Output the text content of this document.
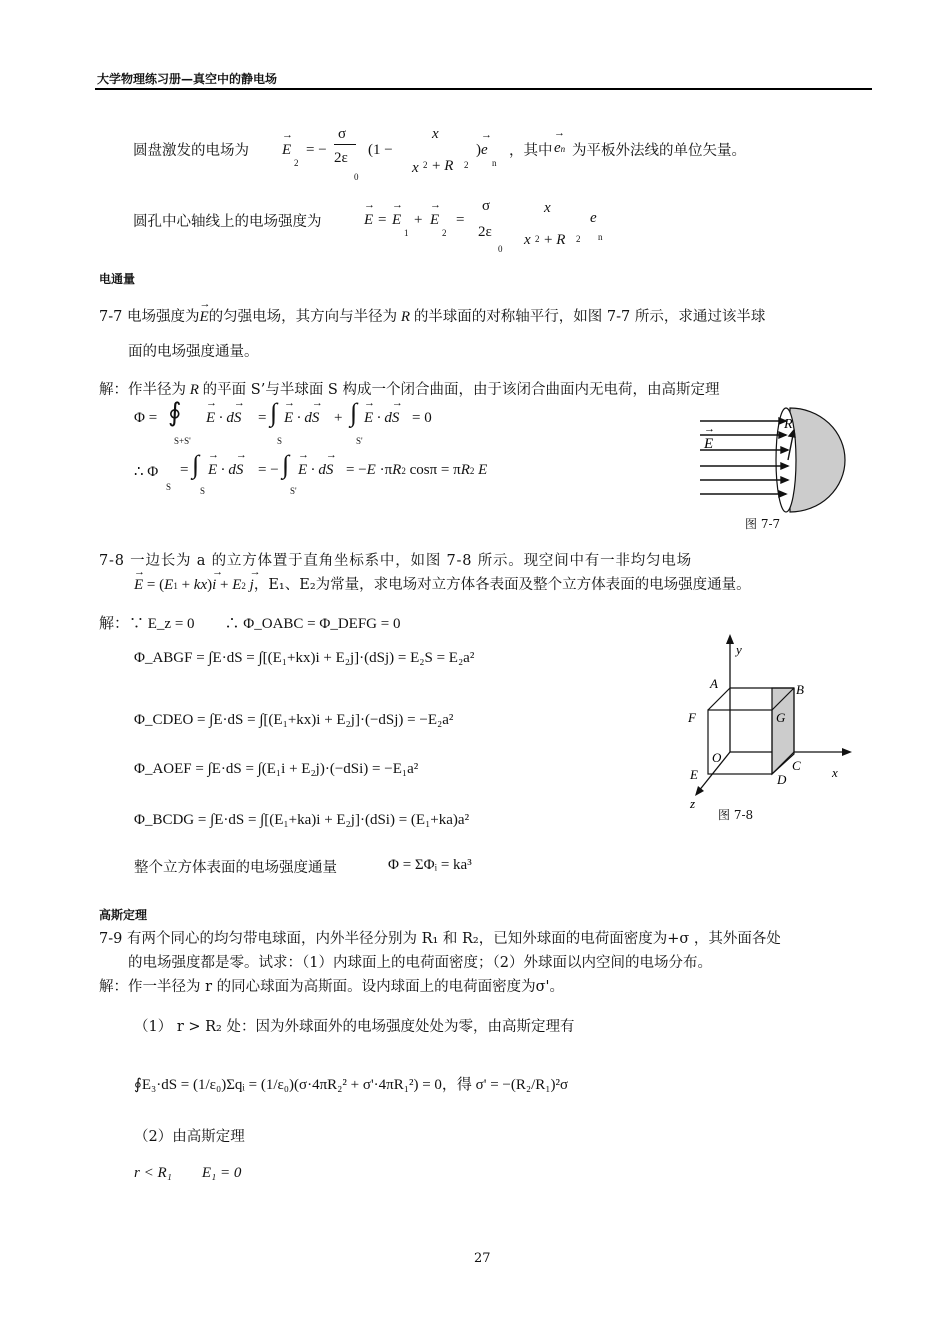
大学物理练习册—真空中的静电场
圆盘激发的电场为 → E
2
= −
σ
2ε
0
(1 −
x
x 2 + R 2
)→ e
n
，其中 → en 为平板外法线的单位矢量。
圆孔中心轴线上的电场强度为	→ E = → E
1
+ → E
2
=
σ
2ε
0
x
x 2 + R 2
e
n
电通量
7-7 电场强度为→ E的匀强电场，其方向与半径为 R 的半球面的对称轴平行，如图 7-7 所示，求通过该半球
面的电场强度通量。
解：作半径为 R 的平面 S’与半球面 S 构成一个闭合曲面，由于该闭合曲面内无电荷，由高斯定理
Φ = ∮
S+S'
→ E · d→ S = ∫
S
→ E · d→ S + ∫
S'
→ E · d→ S = 0
∴ Φ
S
= ∫
S
→ E · d→ S = − ∫
S'
→ E · d→ S = −E ·πR2 cosπ = πR2 E
E
→	R
图 7-7
7-8 一边长为 a 的立方体置于直角坐标系中，如图 7-8 所示。现空间中有一非均匀电场
→ E = (E1 + kx)→ i + E2 → j，E₁、E₂为常量，求电场对立方体各表面及整个立方体表面的电场强度通量。
解：∵ E_z = 0　　∴ Φ_OABC = Φ_DEFG = 0
Φ_ABGF = ∫E·dS = ∫[(E₁+kx)i + E₂j]·(dSj) = E₂S = E₂a²
Φ_CDEO = ∫E·dS = ∫[(E₁+kx)i + E₂j]·(−dSj) = −E₂a²
Φ_AOEF = ∫E·dS = ∫(E₁i + E₂j)·(−dSi) = −E₁a²
Φ_BCDG = ∫E·dS = ∫[(E₁+ka)i + E₂j]·(dSi) = (E₁+ka)a²
整个立方体表面的电场强度通量	Φ = ΣΦᵢ = ka³
y
A	B
F	G
O
C
E	D	x
z
图 7-8
高斯定理
7-9 有两个同心的均匀带电球面，内外半径分别为 R₁ 和 R₂，已知外球面的电荷面密度为+σ ，其外面各处
的电场强度都是零。试求：（1）内球面上的电荷面密度；（2）外球面以内空间的电场分布。
解：作一半径为 r 的同心球面为高斯面。设内球面上的电荷面密度为σ'。
（1） r > R₂ 处：因为外球面外的电场强度处处为零，由高斯定理有
∮E₃·dS = (1/ε₀)Σqᵢ = (1/ε₀)(σ·4πR₂² + σ'·4πR₁²) = 0，得 σ' = −(R₂/R₁)²σ
（2）由高斯定理
r < R₁　　E₁ = 0
27
